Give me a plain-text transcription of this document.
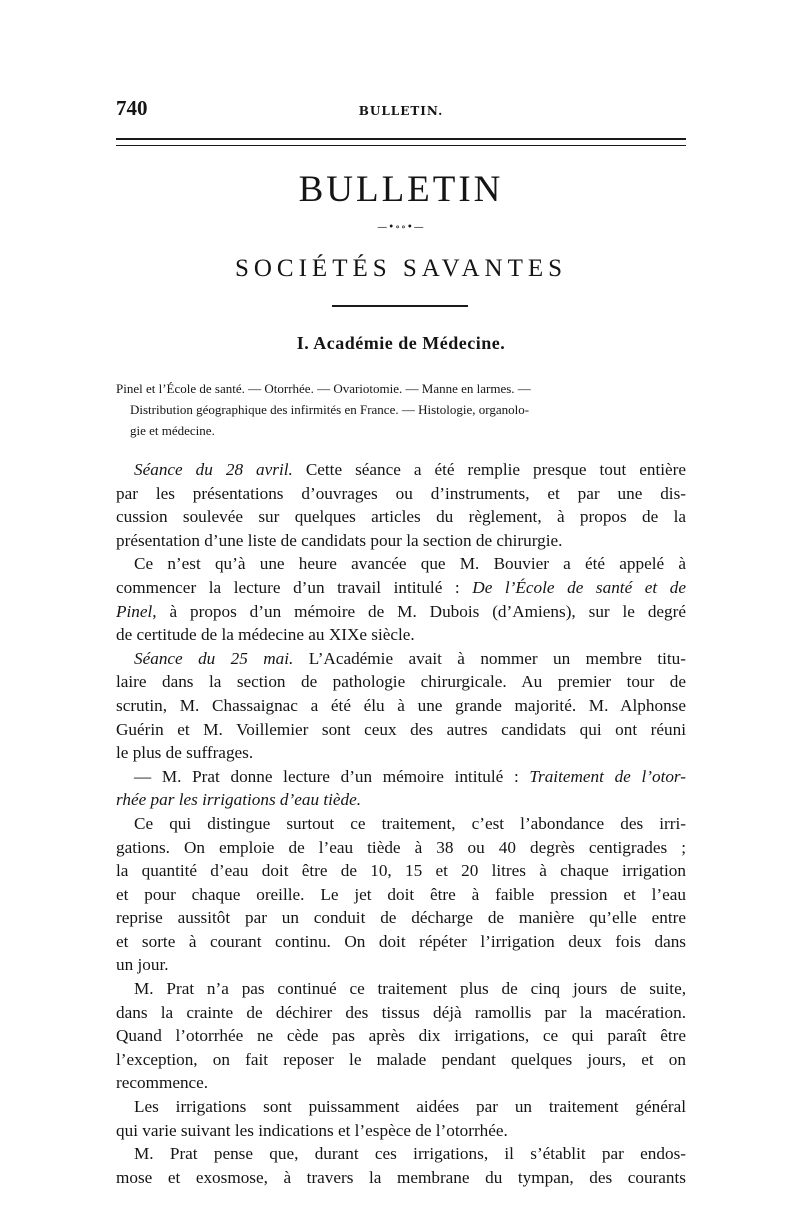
740	BULLETIN.
BULLETIN
—•∘∘•—
SOCIÉTÉS SAVANTES
I. Académie de Médecine.
Pinel et l’École de santé. — Otorrhée. — Ovariotomie. — Manne en larmes. —
Distribution géographique des infirmités en France. — Histologie, organolo-
gie et médecine.
Séance du 28 avril. Cette séance a été remplie presque tout entière
par les présentations d’ouvrages ou d’instruments, et par une dis-
cussion soulevée sur quelques articles du règlement, à propos de la
présentation d’une liste de candidats pour la section de chirurgie.
Ce n’est qu’à une heure avancée que M. Bouvier a été appelé à
commencer la lecture d’un travail intitulé : De l’École de santé et de
Pinel, à propos d’un mémoire de M. Dubois (d’Amiens), sur le degré
de certitude de la médecine au XIXe siècle.
Séance du 25 mai. L’Académie avait à nommer un membre titu-
laire dans la section de pathologie chirurgicale. Au premier tour de
scrutin, M. Chassaignac a été élu à une grande majorité. M. Alphonse
Guérin et M. Voillemier sont ceux des autres candidats qui ont réuni
le plus de suffrages.
— M. Prat donne lecture d’un mémoire intitulé : Traitement de l’otor-
rhée par les irrigations d’eau tiède.
Ce qui distingue surtout ce traitement, c’est l’abondance des irri-
gations. On emploie de l’eau tiède à 38 ou 40 degrès centigrades ;
la quantité d’eau doit être de 10, 15 et 20 litres à chaque irrigation
et pour chaque oreille. Le jet doit être à faible pression et l’eau
reprise aussitôt par un conduit de décharge de manière qu’elle entre
et sorte à courant continu. On doit répéter l’irrigation deux fois dans
un jour.
M. Prat n’a pas continué ce traitement plus de cinq jours de suite,
dans la crainte de déchirer des tissus déjà ramollis par la macération.
Quand l’otorrhée ne cède pas après dix irrigations, ce qui paraît être
l’exception, on fait reposer le malade pendant quelques jours, et on
recommence.
Les irrigations sont puissamment aidées par un traitement général
qui varie suivant les indications et l’espèce de l’otorrhée.
M. Prat pense que, durant ces irrigations, il s’établit par endos-
mose et exosmose, à travers la membrane du tympan, des courants
